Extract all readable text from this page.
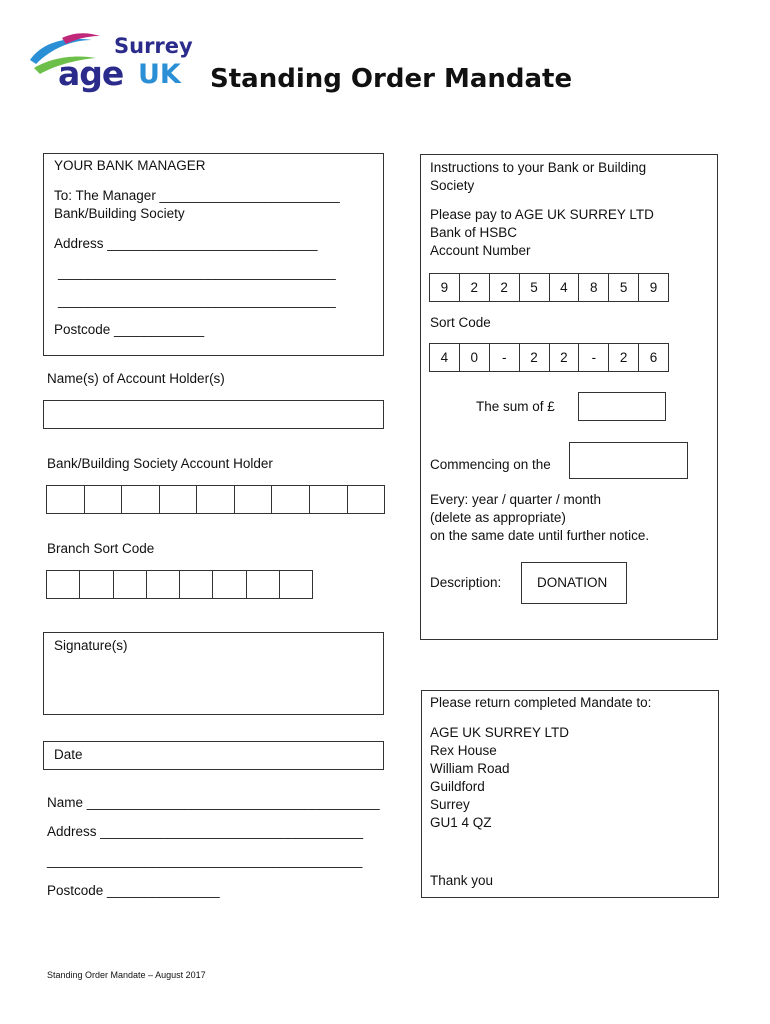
Surrey
age UK Standing Order Mandate
YOUR BANK MANAGER
To: The Manager ________________________
Bank/Building Society
Address ____________________________
_____________________________________
_____________________________________
Postcode ____________
Name(s) of Account Holder(s)
Bank/Building Society Account Holder
Branch Sort Code
Signature(s)
Date
Name _______________________________________
Address ___________________________________
__________________________________________
Postcode _______________
Instructions to your Bank or Building
Society
Please pay to AGE UK SURREY LTD
Bank of HSBC
Account Number
9	2	2	5	4	8	5	9
Sort Code
4	0	-	2	2	-	2	6
The sum of £
Commencing on the
Every: year / quarter / month
(delete as appropriate)
on the same date until further notice.
Description:	DONATION
Please return completed Mandate to:
AGE UK SURREY LTD
Rex House
William Road
Guildford
Surrey
GU1 4 QZ
Thank you
Standing Order Mandate – August 2017
